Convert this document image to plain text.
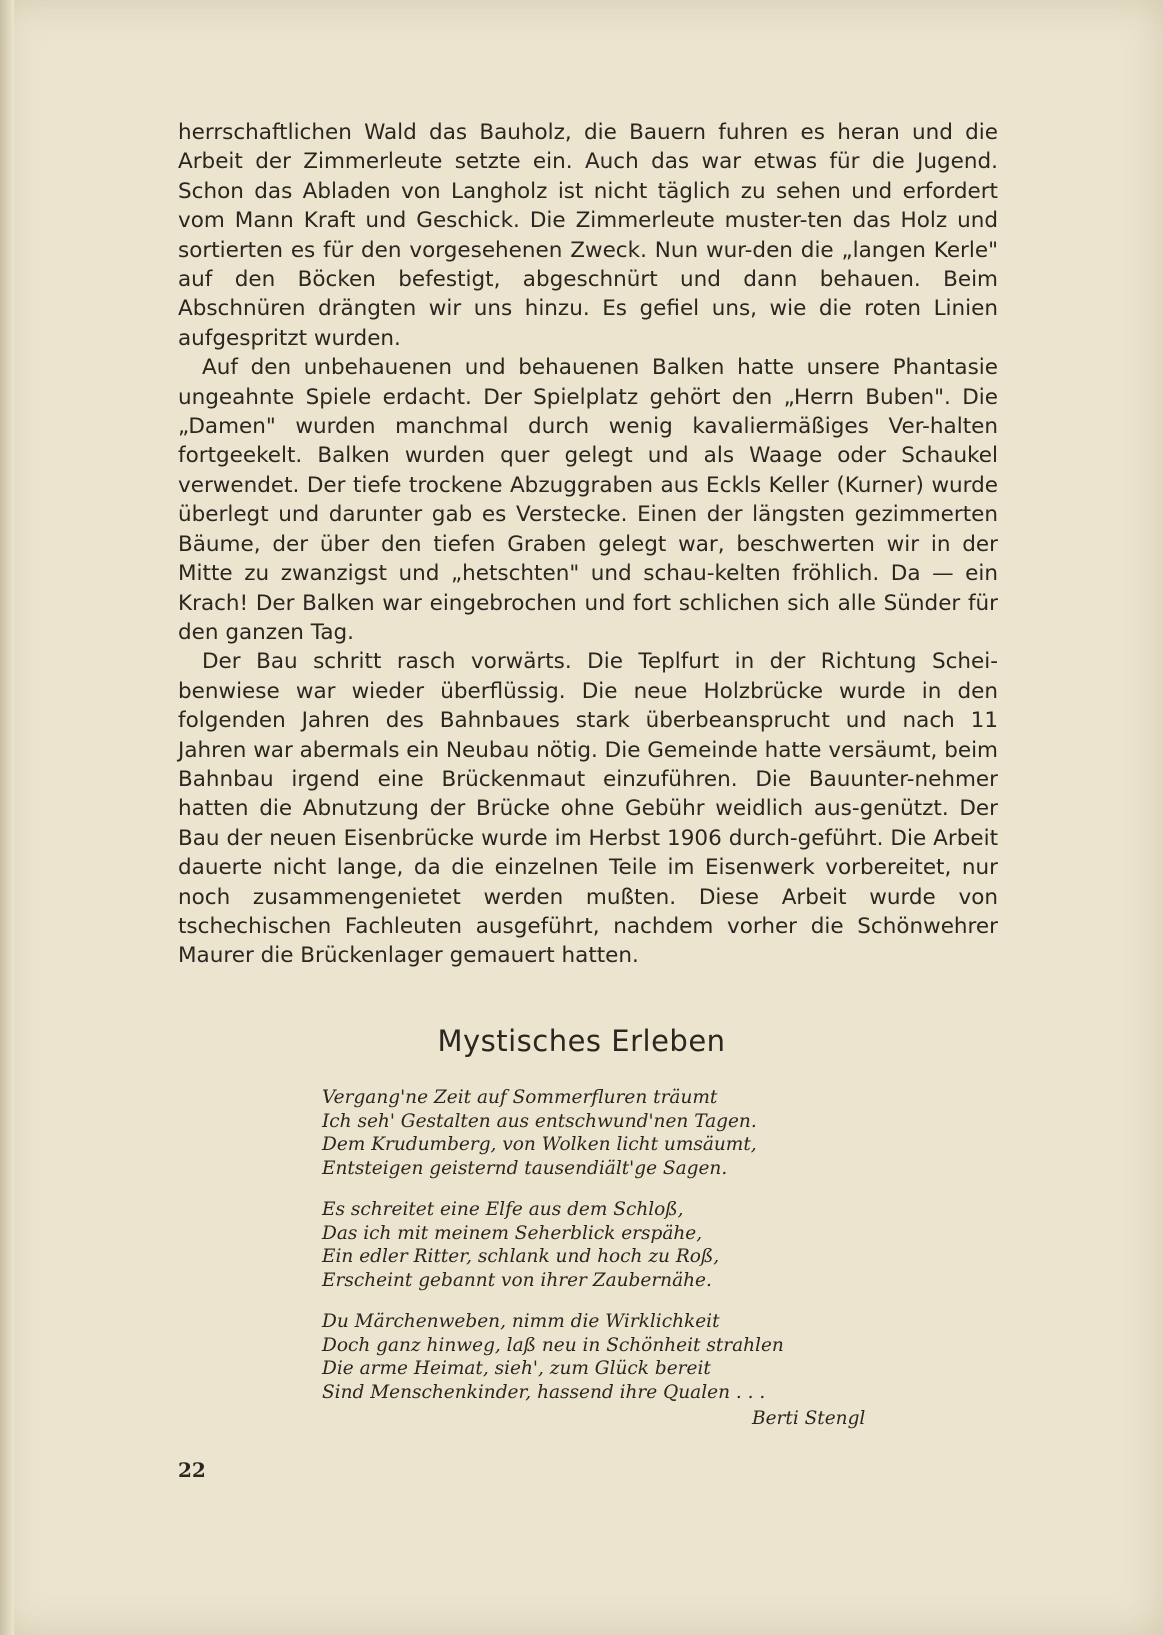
herrschaftlichen Wald das Bauholz, die Bauern fuhren es heran und die Arbeit der Zimmerleute setzte ein. Auch das war etwas für die Jugend. Schon das Abladen von Langholz ist nicht täglich zu sehen und erfordert vom Mann Kraft und Geschick. Die Zimmerleute muster-ten das Holz und sortierten es für den vorgesehenen Zweck. Nun wur-den die „langen Kerle" auf den Böcken befestigt, abgeschnürt und dann behauen. Beim Abschnüren drängten wir uns hinzu. Es gefiel uns, wie die roten Linien aufgespritzt wurden.

Auf den unbehauenen und behauenen Balken hatte unsere Phantasie ungeahnte Spiele erdacht. Der Spielplatz gehört den „Herrn Buben". Die „Damen" wurden manchmal durch wenig kavaliermäßiges Ver-halten fortgeekelt. Balken wurden quer gelegt und als Waage oder Schaukel verwendet. Der tiefe trockene Abzuggraben aus Eckls Keller (Kurner) wurde überlegt und darunter gab es Verstecke. Einen der längsten gezimmerten Bäume, der über den tiefen Graben gelegt war, beschwerten wir in der Mitte zu zwanzigst und „hetschten" und schau-kelten fröhlich. Da — ein Krach! Der Balken war eingebrochen und fort schlichen sich alle Sünder für den ganzen Tag.

Der Bau schritt rasch vorwärts. Die Teplfurt in der Richtung Schei-benwiese war wieder überflüssig. Die neue Holzbrücke wurde in den folgenden Jahren des Bahnbaues stark überbeansprucht und nach 11 Jahren war abermals ein Neubau nötig. Die Gemeinde hatte versäumt, beim Bahnbau irgend eine Brückenmaut einzuführen. Die Bauunter-nehmer hatten die Abnutzung der Brücke ohne Gebühr weidlich aus-genützt. Der Bau der neuen Eisenbrücke wurde im Herbst 1906 durch-geführt. Die Arbeit dauerte nicht lange, da die einzelnen Teile im Eisenwerk vorbereitet, nur noch zusammengenietet werden mußten. Diese Arbeit wurde von tschechischen Fachleuten ausgeführt, nachdem vorher die Schönwehrer Maurer die Brückenlager gemauert hatten.

Mystisches Erleben
Vergang'ne Zeit auf Sommerfluren träumt
Ich seh' Gestalten aus entschwund'nen Tagen.
Dem Krudumberg, von Wolken licht umsäumt,
Entsteigen geisternd tausendiält'ge Sagen.
Es schreitet eine Elfe aus dem Schloß,
Das ich mit meinem Seherblick erspähe,
Ein edler Ritter, schlank und hoch zu Roß,
Erscheint gebannt von ihrer Zaubernähe.
Du Märchenweben, nimm die Wirklichkeit
Doch ganz hinweg, laß neu in Schönheit strahlen
Die arme Heimat, sieh', zum Glück bereit
Sind Menschenkinder, hassend ihre Qualen . . .
Berti Stengl
22
